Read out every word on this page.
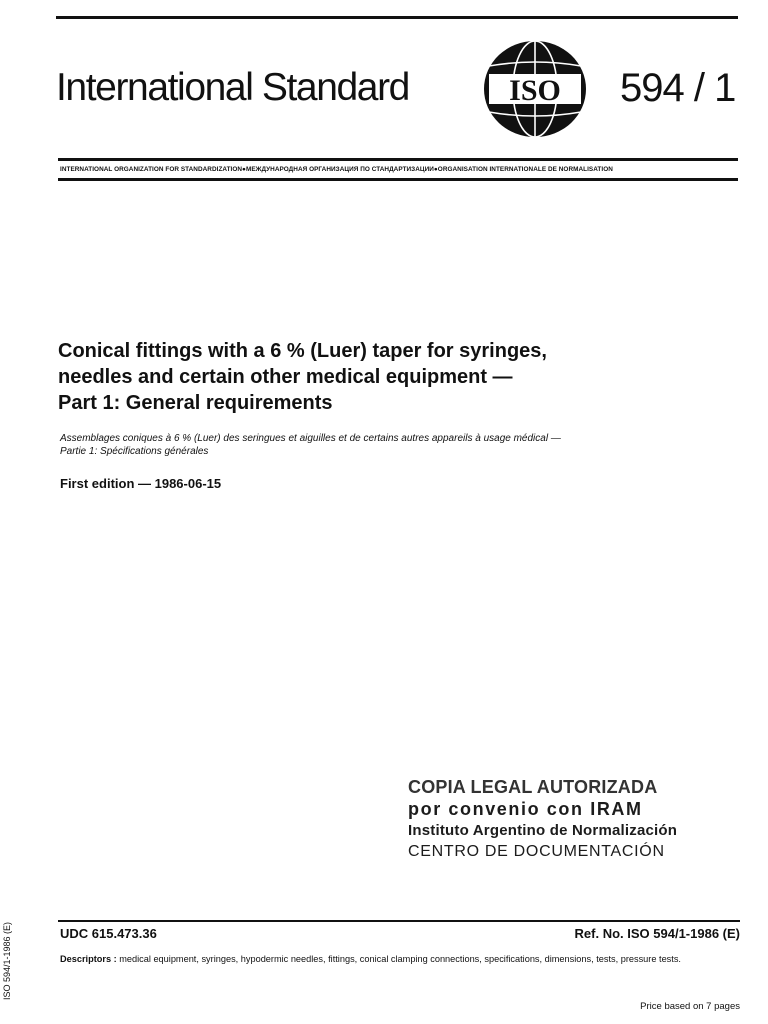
International Standard	ISO 594 / 1
INTERNATIONAL ORGANIZATION FOR STANDARDIZATION●МЕЖДУНАРОДНАЯ ОРГАНИЗАЦИЯ ПО СТАНДАРТИЗАЦИИ●ORGANISATION INTERNATIONALE DE NORMALISATION
Conical fittings with a 6 % (Luer) taper for syringes,
needles and certain other medical equipment —
Part 1: General requirements
Assemblages coniques à 6 % (Luer) des seringues et aiguilles et de certains autres appareils à usage médical —
Partie 1: Spécifications générales
First edition — 1986-06-15
COPIA LEGAL AUTORIZADA
por convenio con IRAM
Instituto Argentino de Normalización
CENTRO DE DOCUMENTACIÓN
UDC 615.473.36	Ref. No. ISO 594/1-1986 (E)
Descriptors : medical equipment, syringes, hypodermic needles, fittings, conical clamping connections, specifications, dimensions, tests, pressure tests.
Price based on 7 pages
ISO 594/1-1986 (E)
